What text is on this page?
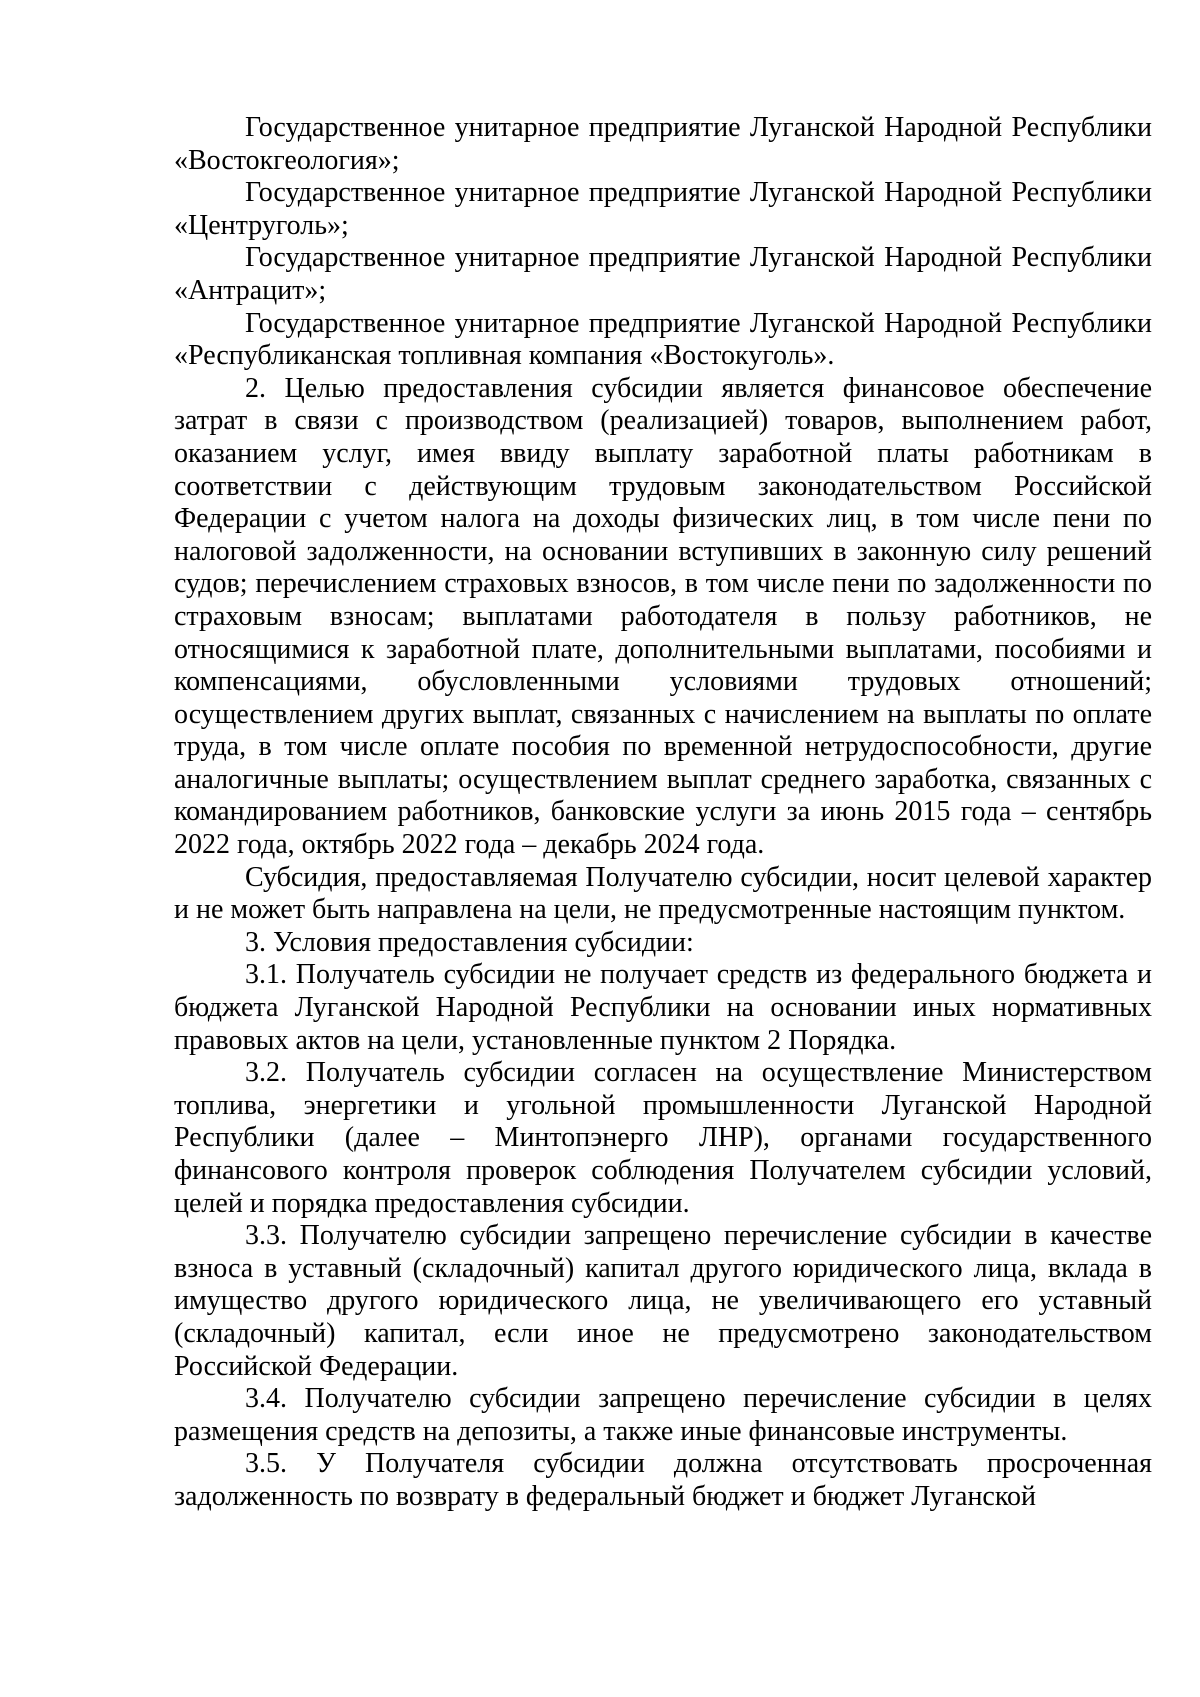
Государственное унитарное предприятие Луганской Народной Республики «Востокгеология»;

Государственное унитарное предприятие Луганской Народной Республики «Центруголь»;

Государственное унитарное предприятие Луганской Народной Республики «Антрацит»;

Государственное унитарное предприятие Луганской Народной Республики «Республиканская топливная компания «Востокуголь».

2. Целью предоставления субсидии является финансовое обеспечение затрат в связи с производством (реализацией) товаров, выполнением работ, оказанием услуг, имея ввиду выплату заработной платы работникам в соответствии с действующим трудовым законодательством Российской Федерации с учетом налога на доходы физических лиц, в том числе пени по налоговой задолженности, на основании вступивших в законную силу решений судов; перечислением страховых взносов, в том числе пени по задолженности по страховым взносам; выплатами работодателя в пользу работников, не относящимися к заработной плате, дополнительными выплатами, пособиями и компенсациями, обусловленными условиями трудовых отношений; осуществлением других выплат, связанных с начислением на выплаты по оплате труда, в том числе оплате пособия по временной нетрудоспособности, другие аналогичные выплаты; осуществлением выплат среднего заработка, связанных с командированием работников, банковские услуги за июнь 2015 года – сентябрь 2022 года, октябрь 2022 года – декабрь 2024 года.

Субсидия, предоставляемая Получателю субсидии, носит целевой характер и не может быть направлена на цели, не предусмотренные настоящим пунктом.

3. Условия предоставления субсидии:

3.1. Получатель субсидии не получает средств из федерального бюджета и бюджета Луганской Народной Республики на основании иных нормативных правовых актов на цели, установленные пунктом 2 Порядка.

3.2. Получатель субсидии согласен на осуществление Министерством топлива, энергетики и угольной промышленности Луганской Народной Республики (далее – Минтопэнерго ЛНР), органами государственного финансового контроля проверок соблюдения Получателем субсидии условий, целей и порядка предоставления субсидии.

3.3. Получателю субсидии запрещено перечисление субсидии в качестве взноса в уставный (складочный) капитал другого юридического лица, вклада в имущество другого юридического лица, не увеличивающего его уставный (складочный) капитал, если иное не предусмотрено законодательством Российской Федерации.

3.4. Получателю субсидии запрещено перечисление субсидии в целях размещения средств на депозиты, а также иные финансовые инструменты.

3.5. У Получателя субсидии должна отсутствовать просроченная задолженность по возврату в федеральный бюджет и бюджет Луганской
